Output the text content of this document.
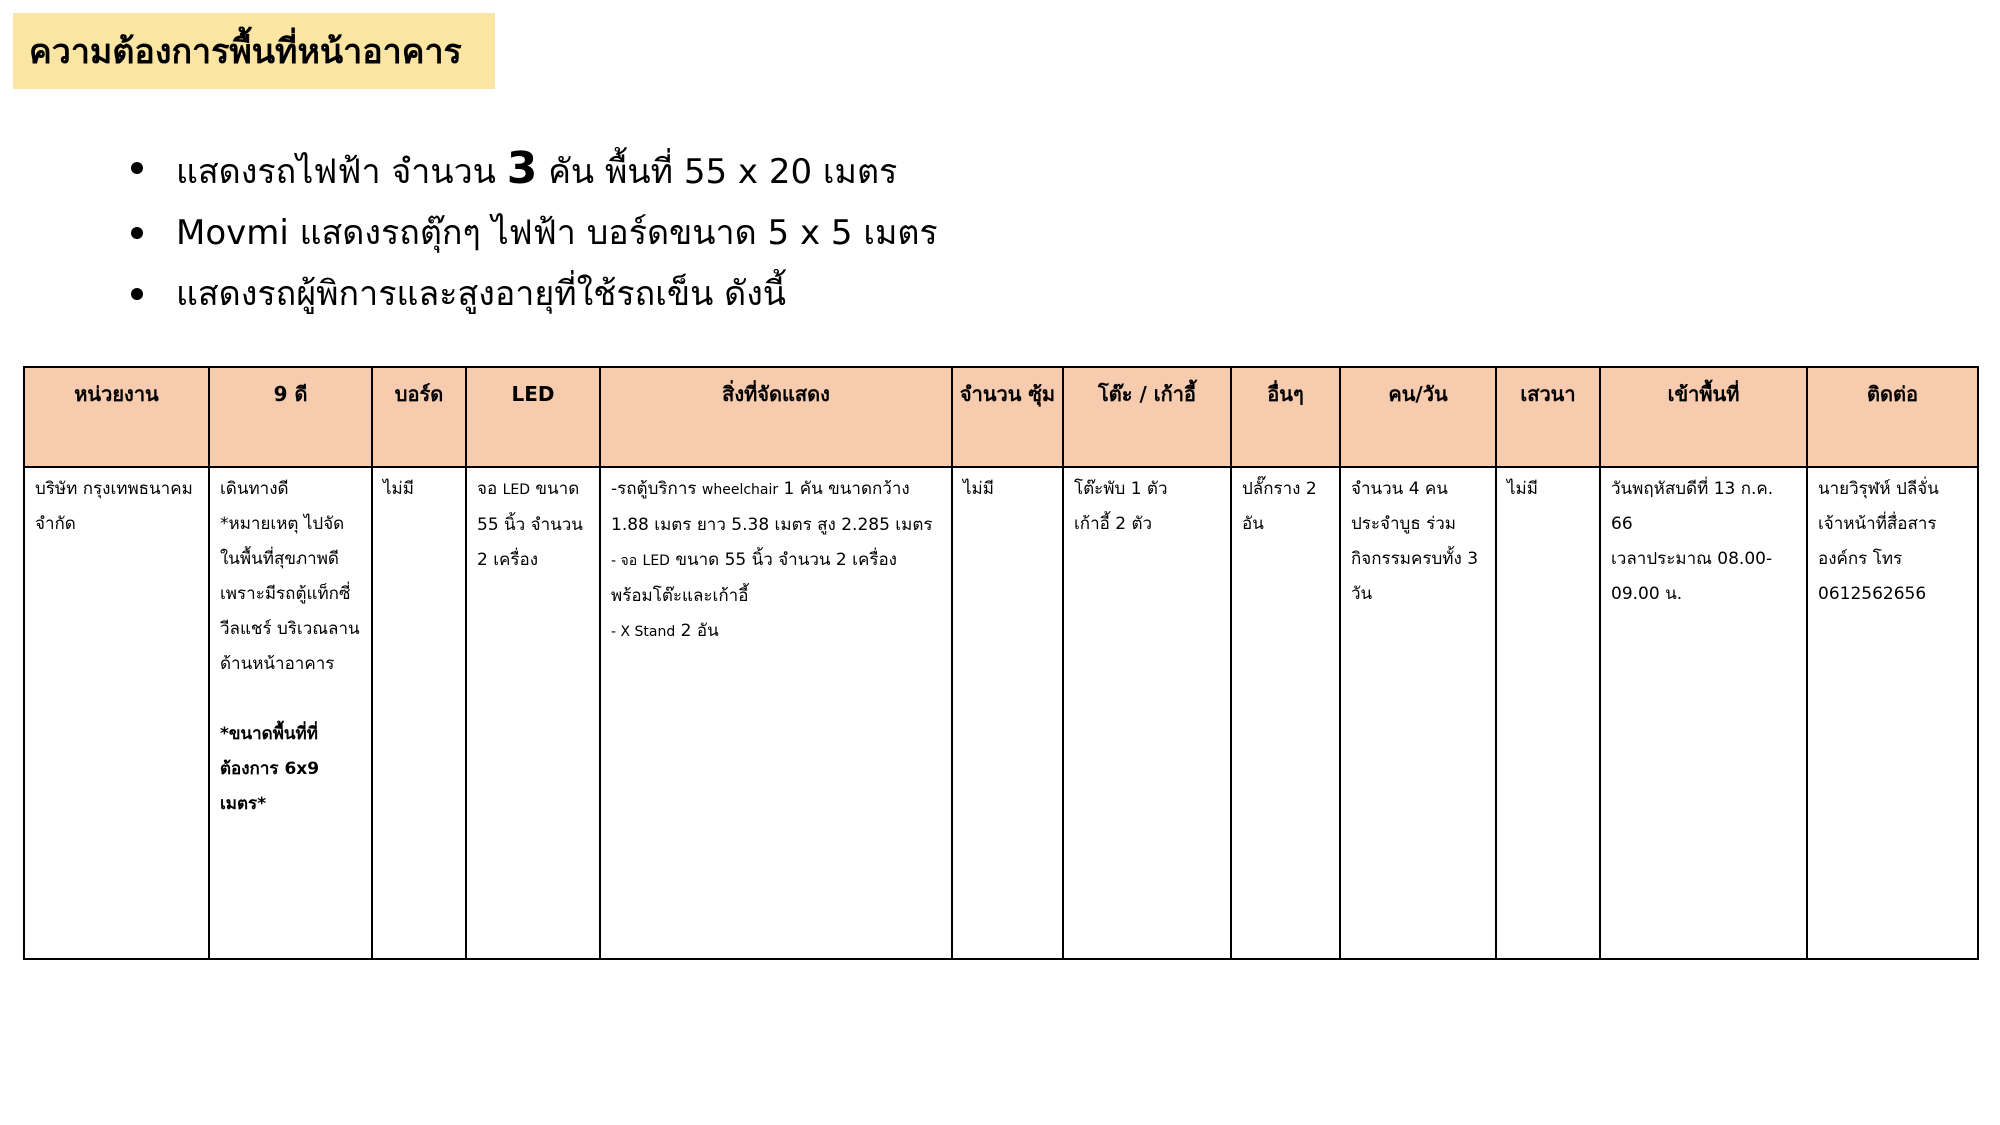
ความต้องการพื้นที่หน้าอาคาร
แสดงรถไฟฟ้า จำนวน 3 คัน พื้นที่ 55 x 20 เมตร
Movmi แสดงรถตุ๊กๆ ไฟฟ้า บอร์ดขนาด 5 x 5 เมตร
แสดงรถผู้พิการและสูงอายุที่ใช้รถเข็น ดังนี้
หน่วยงาน	9 ดี	บอร์ด	LED	สิ่งที่จัดแสดง	จำนวน ซุ้ม	โต๊ะ / เก้าอี้	อื่นๆ	คน/วัน	เสวนา	เข้าพื้นที่	ติดต่อ
บริษัท กรุงเทพธนาคม จำกัด	เดินทางดี
*หมายเหตุ ไปจัดในพื้นที่สุขภาพดี เพราะมีรถตู้แท็กซี่วีลแชร์ บริเวณลานด้านหน้าอาคาร

*ขนาดพื้นที่ที่ต้องการ 6x9 เมตร*	ไม่มี	จอ LED ขนาด 55 นิ้ว จำนวน 2 เครื่อง	-รถตู้บริการ wheelchair 1 คัน ขนาดกว้าง 1.88 เมตร ยาว 5.38 เมตร สูง 2.285 เมตร
- จอ LED ขนาด 55 นิ้ว จำนวน 2 เครื่อง พร้อมโต๊ะและเก้าอี้
- X Stand 2 อัน	ไม่มี	โต๊ะพับ 1 ตัว
เก้าอี้ 2 ตัว	ปลั๊กราง 2 อัน	จำนวน 4 คน ประจำบูธ ร่วมกิจกรรมครบทั้ง 3 วัน	ไม่มี	วันพฤหัสบดีที่ 13 ก.ค. 66
เวลาประมาณ 08.00-09.00 น.	นายวิรุฬห์ ปลีจั่น
เจ้าหน้าที่สื่อสารองค์กร โทร 0612562656
